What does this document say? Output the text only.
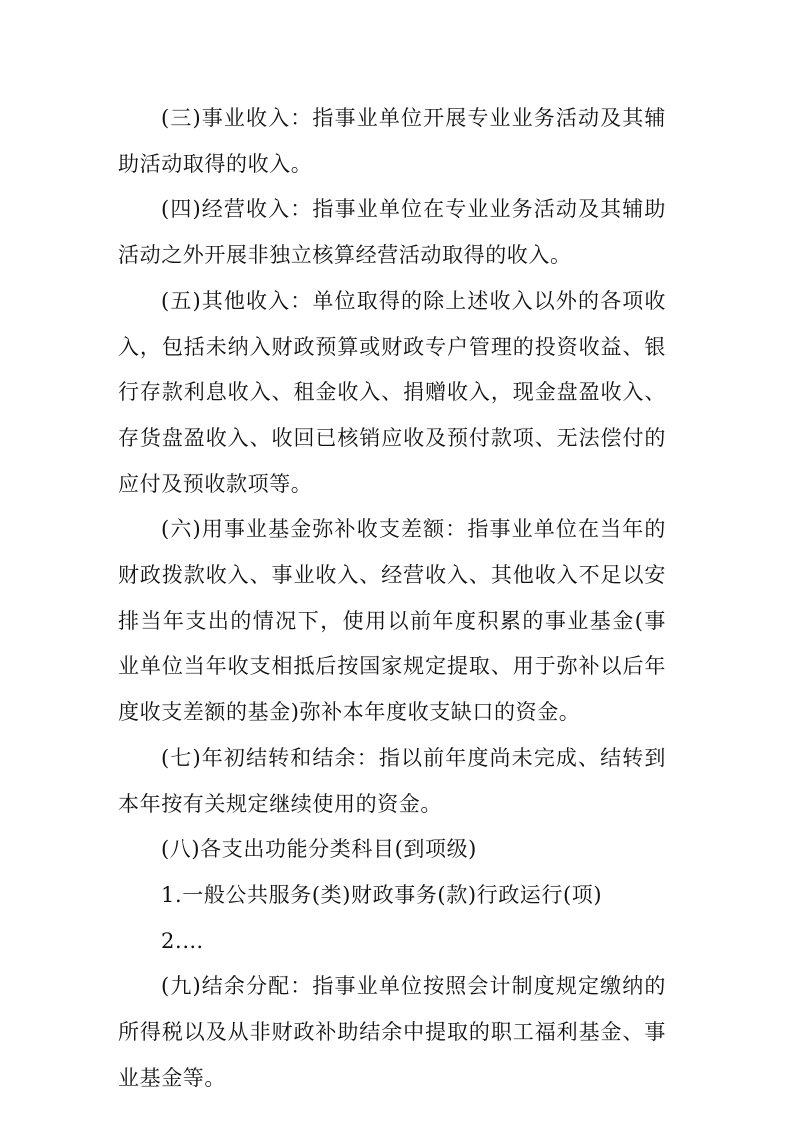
(三)事业收入：指事业单位开展专业业务活动及其辅助活动取得的收入。

(四)经营收入：指事业单位在专业业务活动及其辅助活动之外开展非独立核算经营活动取得的收入。

(五)其他收入：单位取得的除上述收入以外的各项收入，包括未纳入财政预算或财政专户管理的投资收益、银行存款利息收入、租金收入、捐赠收入，现金盘盈收入、存货盘盈收入、收回已核销应收及预付款项、无法偿付的应付及预收款项等。

(六)用事业基金弥补收支差额：指事业单位在当年的财政拨款收入、事业收入、经营收入、其他收入不足以安排当年支出的情况下，使用以前年度积累的事业基金(事业单位当年收支相抵后按国家规定提取、用于弥补以后年度收支差额的基金)弥补本年度收支缺口的资金。

(七)年初结转和结余：指以前年度尚未完成、结转到本年按有关规定继续使用的资金。

(八)各支出功能分类科目(到项级)

1.一般公共服务(类)财政事务(款)行政运行(项)

2.…

(九)结余分配：指事业单位按照会计制度规定缴纳的所得税以及从非财政补助结余中提取的职工福利基金、事业基金等。
